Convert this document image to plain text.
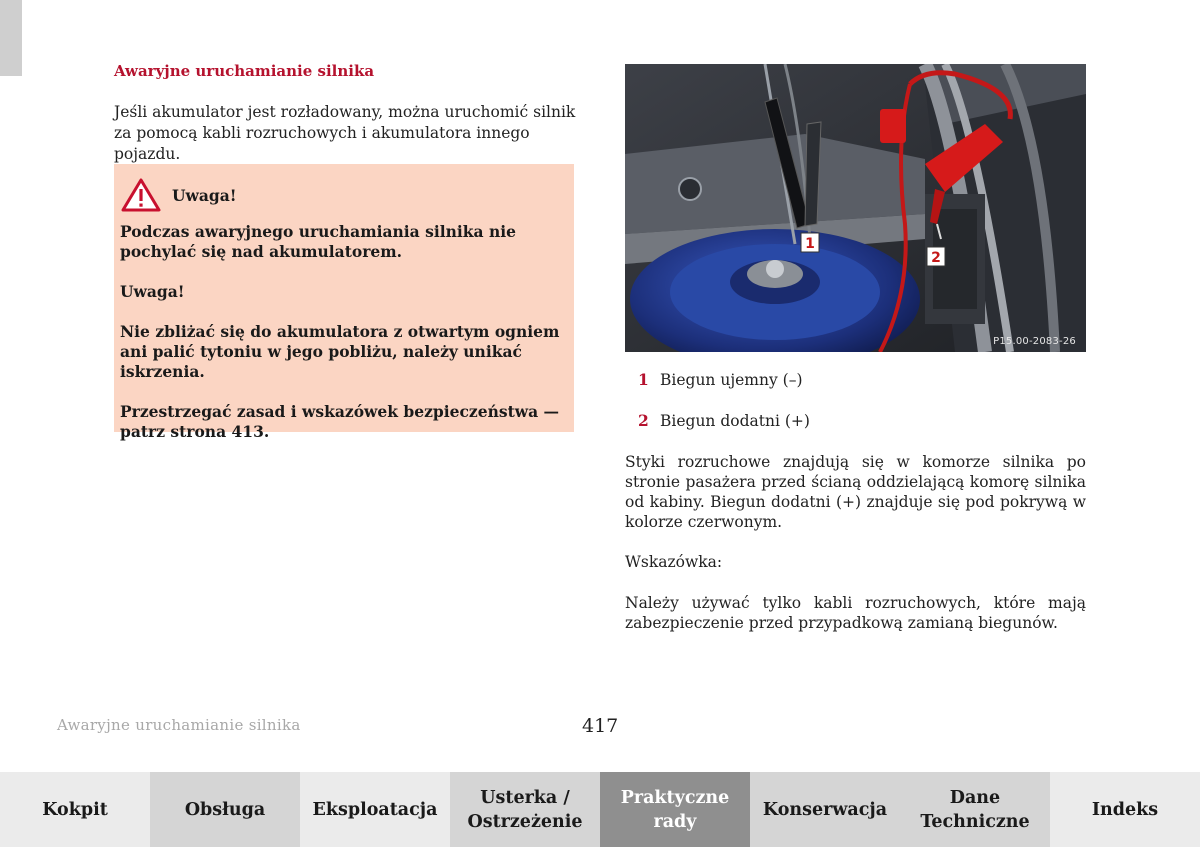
Awaryjne uruchamianie silnika

Jeśli akumulator jest rozładowany, można uruchomić silnik za pomocą kabli rozruchowych i akumulatora innego pojazdu.

Uwaga!

Podczas awaryjnego uruchamiania silnika nie pochylać się nad akumulatorem.

Uwaga!

Nie zbliżać się do akumulatora z otwartym ogniem ani palić tytoniu w jego pobliżu, należy unikać iskrzenia.

Przestrzegać zasad i wskazówek bezpieczeństwa — patrz strona 413.

1
2
P15.00-2083-26
1 Biegun ujemny (–)
2 Biegun dodatni (+)

Styki rozruchowe znajdują się w komorze silnika po stronie pasażera przed ścianą oddzielającą komorę silnika od kabiny. Biegun dodatni (+) znajduje się pod pokrywą w kolorze czerwonym.

Wskazówka:

Należy używać tylko kabli rozruchowych, które mają zabezpieczenie przed przypadkową zamianą biegunów.

Awaryjne uruchamianie silnika	417
Kokpit	Obsługa	Eksploatacja
Usterka /
Ostrzeżenie
Praktyczne
rady
Konserwacja
Dane
Techniczne
Indeks
